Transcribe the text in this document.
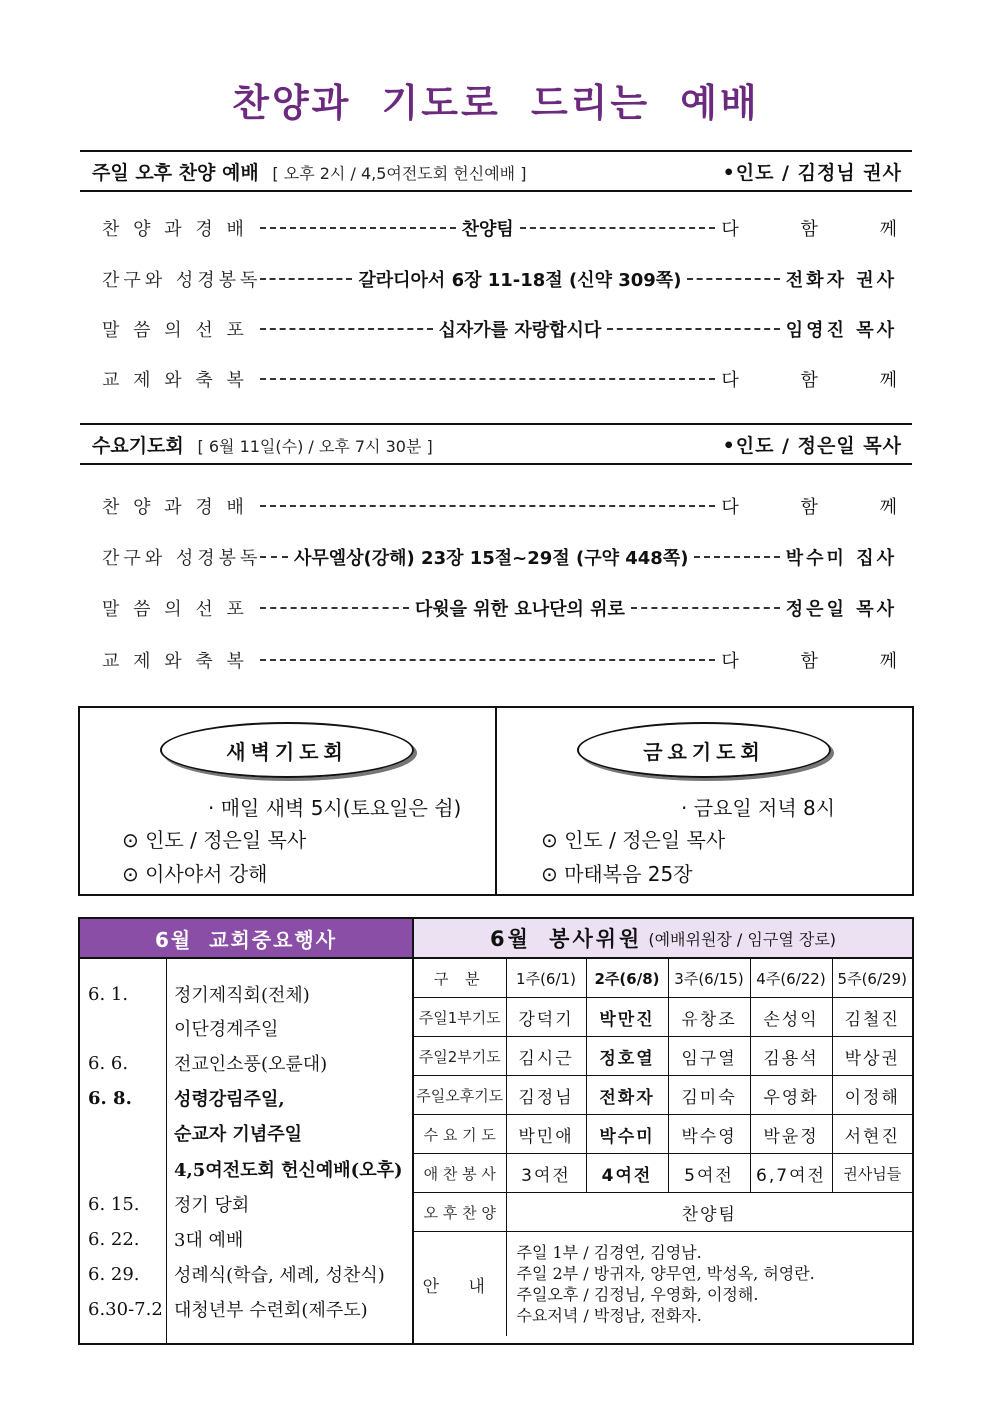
찬양과 기도로 드리는 예배
주일 오후 찬양 예배 [ 오후 2시 / 4,5여전도회 헌신예배 ]	•인도 / 김정님 권사
찬 양 과 경 배	찬양팀	다 함 께
간구와 성경봉독	갈라디아서 6장 11-18절 (신약 309쪽)	전화자 권사
말 씀 의 선 포	십자가를 자랑합시다	임영진 목사
교 제 와 축 복	다 함 께
수요기도회 [ 6월 11일(수) / 오후 7시 30분 ]	•인도 / 정은일 목사
찬 양 과 경 배	다 함 께
간구와 성경봉독 사무엘상(강해) 23장 15절~29절 (구약 448쪽)	박수미 집사
말 씀 의 선 포	다윗을 위한 요나단의 위로	정은일 목사
교 제 와 축 복	다 함 께
새벽기도회
· 매일 새벽 5시(토요일은 쉼)
⊙ 인도 / 정은일 목사
⊙ 이사야서 강해
금요기도회
· 금요일 저녁 8시
⊙ 인도 / 정은일 목사
⊙ 마태복음 25장
6월 교회중요행사
6. 1.	정기제직회(전체)
이단경계주일
6. 6.	전교인소풍(오륜대)
6. 8.	성령강림주일,
순교자 기념주일
4,5여전도회 헌신예배(오후)
6. 15.	정기 당회
6. 22.	3대 예배
6. 29.	성례식(학습, 세례, 성찬식)
6.30-7.2 대청년부 수련회(제주도)
6월 봉사위원 (예배위원장 / 임구열 장로)
구 분	1주(6/1)	2주(6/8)	3주(6/15)	4주(6/22)	5주(6/29)
주일1부기도	강덕기	박만진	유창조	손성익	김철진
주일2부기도	김시근	정호열	임구열	김용석	박상권
주일오후기도	김정님	전화자	김미숙	우영화	이정해
수 요 기 도	박민애	박수미	박수영	박윤정	서현진
애 찬 봉 사	3여전	4여전	5여전	6,7여전	권사님들
오 후 찬 양	찬양팀				
안 내	주일 1부 / 김경연, 김영남.
주일 2부 / 방귀자, 양무연, 박성옥, 허영란.
주일오후 / 김정님, 우영화, 이정해.
수요저녁 / 박정남, 전화자.				
